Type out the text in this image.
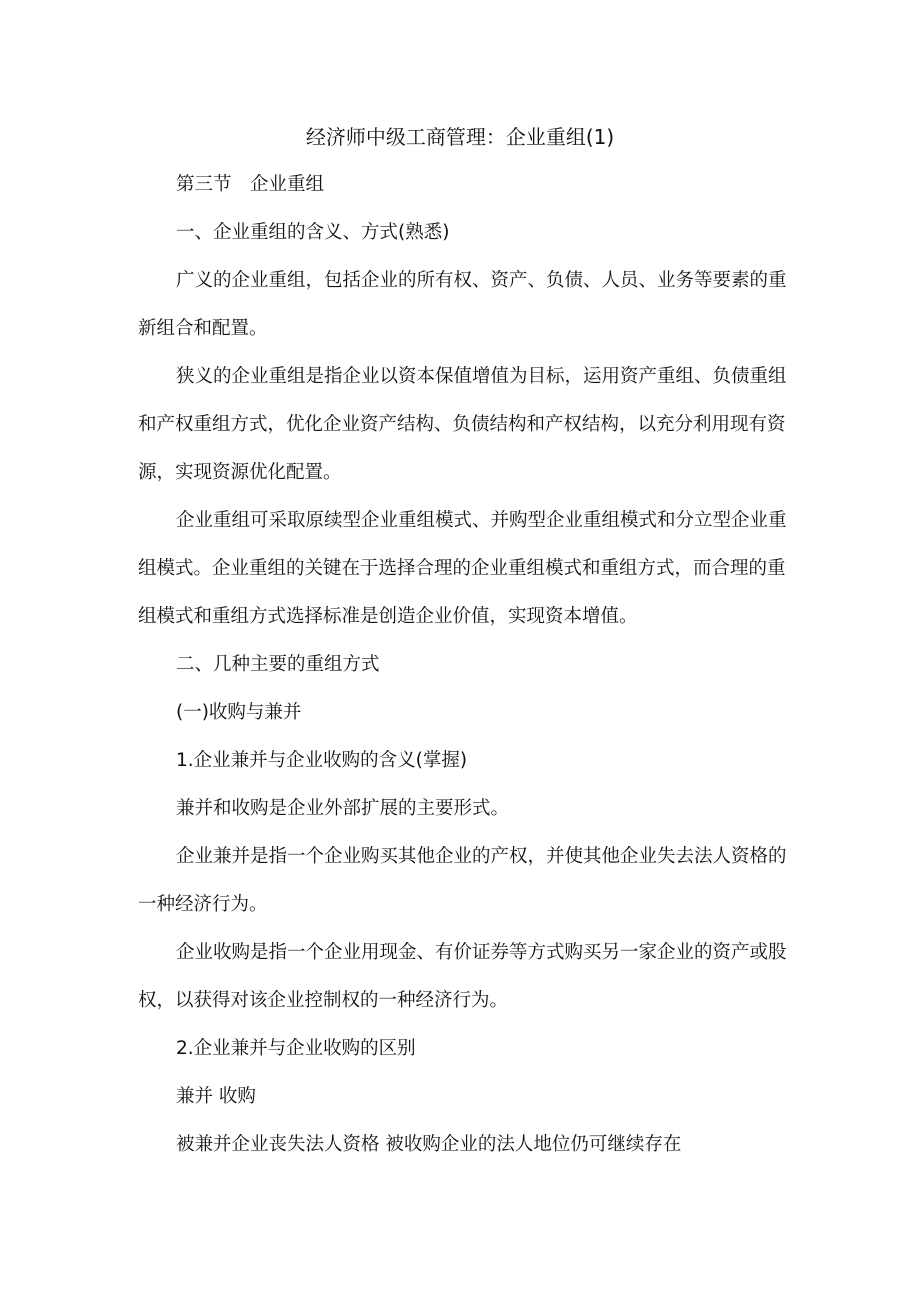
经济师中级工商管理：企业重组(1)
第三节　企业重组
一、企业重组的含义、方式(熟悉)
广义的企业重组，包括企业的所有权、资产、负债、人员、业务等要素的重
新组合和配置。
狭义的企业重组是指企业以资本保值增值为目标，运用资产重组、负债重组
和产权重组方式，优化企业资产结构、负债结构和产权结构，以充分利用现有资
源，实现资源优化配置。
企业重组可采取原续型企业重组模式、并购型企业重组模式和分立型企业重
组模式。企业重组的关键在于选择合理的企业重组模式和重组方式，而合理的重
组模式和重组方式选择标准是创造企业价值，实现资本增值。
二、几种主要的重组方式
(一)收购与兼并
1.企业兼并与企业收购的含义(掌握)
兼并和收购是企业外部扩展的主要形式。
企业兼并是指一个企业购买其他企业的产权，并使其他企业失去法人资格的
一种经济行为。
企业收购是指一个企业用现金、有价证券等方式购买另一家企业的资产或股
权，以获得对该企业控制权的一种经济行为。
2.企业兼并与企业收购的区别
兼并 收购
被兼并企业丧失法人资格 被收购企业的法人地位仍可继续存在
